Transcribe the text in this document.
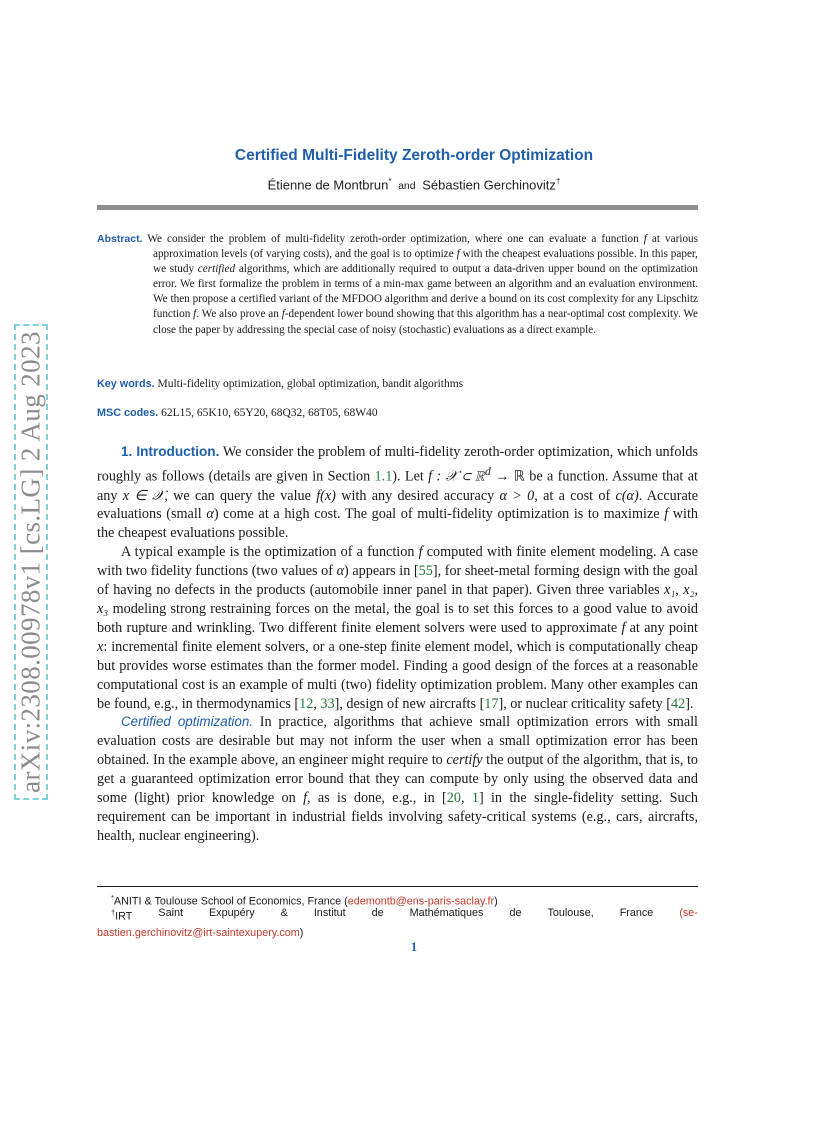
arXiv:2308.00978v1 [cs.LG] 2 Aug 2023
Certified Multi-Fidelity Zeroth-order Optimization
Étienne de Montbrun* and Sébastien Gerchinovitz†
Abstract. We consider the problem of multi-fidelity zeroth-order optimization, where one can evaluate a function f at various approximation levels (of varying costs), and the goal is to optimize f with the cheapest evaluations possible. In this paper, we study certified algorithms, which are additionally required to output a data-driven upper bound on the optimization error. We first formalize the problem in terms of a min-max game between an algorithm and an evaluation environment. We then propose a certified variant of the MFDOO algorithm and derive a bound on its cost complexity for any Lipschitz function f. We also prove an f-dependent lower bound showing that this algorithm has a near-optimal cost complexity. We close the paper by addressing the special case of noisy (stochastic) evaluations as a direct example.
Key words. Multi-fidelity optimization, global optimization, bandit algorithms
MSC codes. 62L15, 65K10, 65Y20, 68Q32, 68T05, 68W40

1. Introduction. We consider the problem of multi-fidelity zeroth-order optimization, which unfolds roughly as follows (details are given in Section 1.1). Let f : 𝒳 ⊂ ℝ$^d$ → ℝ be a function. Assume that at any x ∈ 𝒳, we can query the value f(x) with any desired accuracy α > 0, at a cost of c(α). Accurate evaluations (small α) come at a high cost. The goal of multi-fidelity optimization is to maximize f with the cheapest evaluations possible.

A typical example is the optimization of a function f computed with finite element modeling. A case with two fidelity functions (two values of α) appears in [55], for sheet-metal forming design with the goal of having no defects in the products (automobile inner panel in that paper). Given three variables x₁, x₂, x₃ modeling strong restraining forces on the metal, the goal is to set this forces to a good value to avoid both rupture and wrinkling. Two different finite element solvers were used to approximate f at any point x: incremental finite element solvers, or a one-step finite element model, which is computationally cheap but provides worse estimates than the former model. Finding a good design of the forces at a reasonable computational cost is an example of multi (two) fidelity optimization problem. Many other examples can be found, e.g., in thermodynamics [12, 33], design of new aircrafts [17], or nuclear criticality safety [42].

Certified optimization. In practice, algorithms that achieve small optimization errors with small evaluation costs are desirable but may not inform the user when a small optimization error has been obtained. In the example above, an engineer might require to certify the output of the algorithm, that is, to get a guaranteed optimization error bound that they can compute by only using the observed data and some (light) prior knowledge on f, as is done, e.g., in [20, 1] in the single-fidelity setting. Such requirement can be important in industrial fields involving safety-critical systems (e.g., cars, aircrafts, health, nuclear engineering).

*ANITI & Toulouse School of Economics, France (edemontb@ens-paris-saclay.fr)
†IRT Saint Expupéry & Institut de Mathématiques de Toulouse, France (se-
bastien.gerchinovitz@irt-saintexupery.com)
1
